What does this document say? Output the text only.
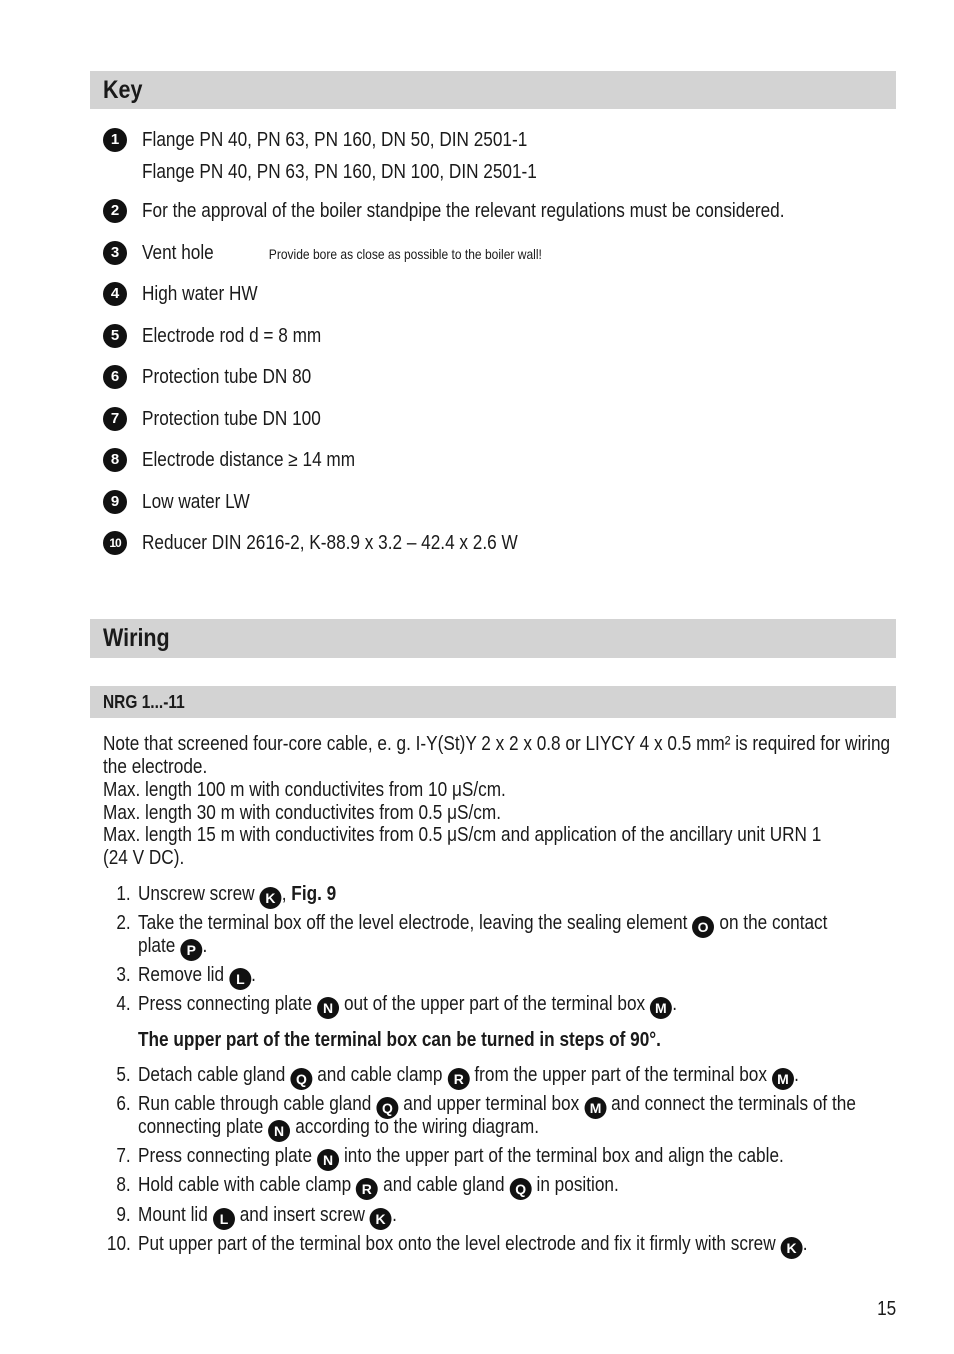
Key
1	Flange PN 40, PN 63, PN 160, DN 50, DIN 2501-1
Flange PN 40, PN 63, PN 160, DN 100, DIN 2501-1
2	For the approval of the boiler standpipe the relevant regulations must be considered.
3	Vent hole	Provide bore as close as possible to the boiler wall!
4	High water HW
5	Electrode rod d = 8 mm
6	Protection tube DN 80
7	Protection tube DN 100
8	Electrode distance ≥ 14 mm
9	Low water LW
10	Reducer DIN 2616-2, K-88.9 x 3.2 – 42.4 x 2.6 W
Wiring
NRG 1...-11
Note that screened four-core cable, e. g. I-Y(St)Y 2 x 2 x 0.8 or LIYCY 4 x 0.5 mm² is required for wiring
the electrode.
Max. length 100 m with conductivites from 10 μS/cm.
Max. length 30 m with conductivites from 0.5 μS/cm.
Max. length 15 m with conductivites from 0.5 μS/cm and application of the ancillary unit URN 1
(24 V DC).
1. Unscrew screw K , Fig. 9
2. Take the terminal box off the level electrode, leaving the sealing element O on the contact
plate P .
3. Remove lid L .
4. Press connecting plate N out of the upper part of the terminal box M .
The upper part of the terminal box can be turned in steps of 90°.
5. Detach cable gland Q and cable clamp R from the upper part of the terminal box M .
6. Run cable through cable gland Q and upper terminal box M and connect the terminals of the
connecting plate N according to the wiring diagram.
7. Press connecting plate N into the upper part of the terminal box and align the cable.
8. Hold cable with cable clamp R and cable gland Q in position.
9. Mount lid L and insert screw K .
10. Put upper part of the terminal box onto the level electrode and fix it firmly with screw K .
15
